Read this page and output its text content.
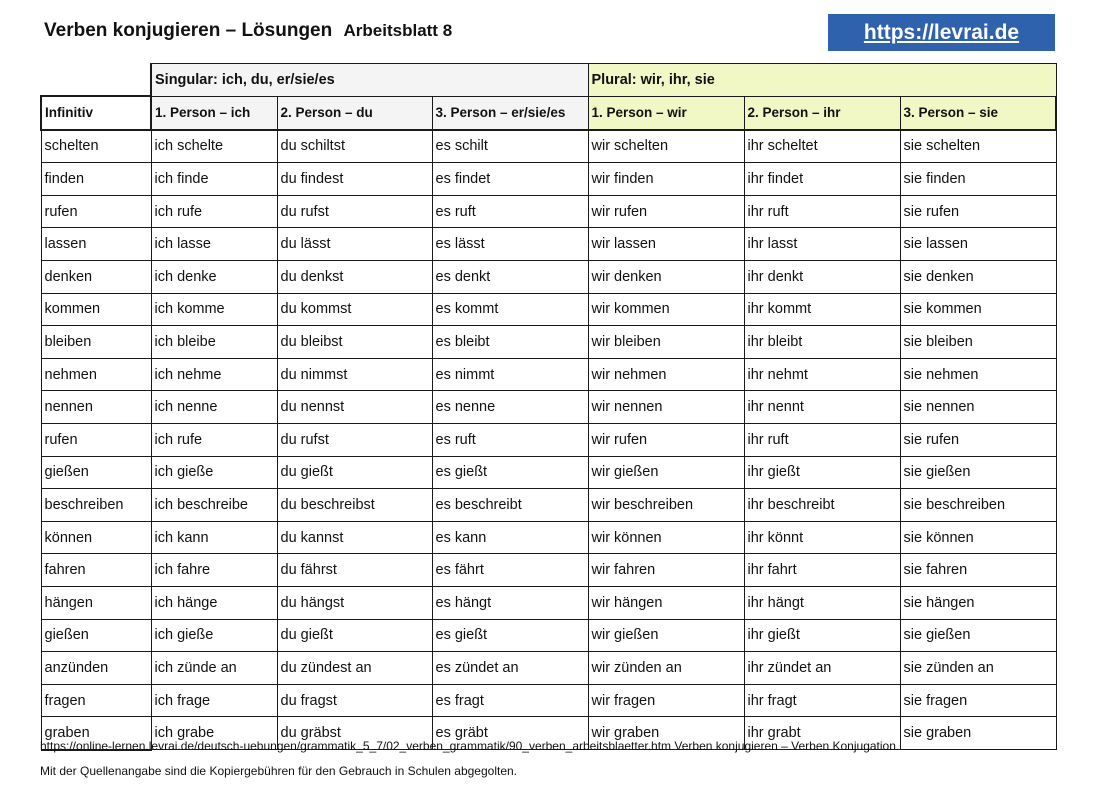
Verben konjugieren – Lösungen Arbeitsblatt 8	https://levrai.de
	Singular: ich, du, er/sie/es			Plural: wir, ihr, sie		
Infinitiv	1. Person – ich	2. Person – du	3. Person – er/sie/es	1. Person – wir	2. Person – ihr	3. Person – sie
schelten	ich schelte	du schiltst	es schilt	wir schelten	ihr scheltet	sie schelten
finden	ich finde	du findest	es findet	wir finden	ihr findet	sie finden
rufen	ich rufe	du rufst	es ruft	wir rufen	ihr ruft	sie rufen
lassen	ich lasse	du lässt	es lässt	wir lassen	ihr lasst	sie lassen
denken	ich denke	du denkst	es denkt	wir denken	ihr denkt	sie denken
kommen	ich komme	du kommst	es kommt	wir kommen	ihr kommt	sie kommen
bleiben	ich bleibe	du bleibst	es bleibt	wir bleiben	ihr bleibt	sie bleiben
nehmen	ich nehme	du nimmst	es nimmt	wir nehmen	ihr nehmt	sie nehmen
nennen	ich nenne	du nennst	es nenne	wir nennen	ihr nennt	sie nennen
rufen	ich rufe	du rufst	es ruft	wir rufen	ihr ruft	sie rufen
gießen	ich gieße	du gießt	es gießt	wir gießen	ihr gießt	sie gießen
beschreiben	ich beschreibe	du beschreibst	es beschreibt	wir beschreiben	ihr beschreibt	sie beschreiben
können	ich kann	du kannst	es kann	wir können	ihr könnt	sie können
fahren	ich fahre	du fährst	es fährt	wir fahren	ihr fahrt	sie fahren
hängen	ich hänge	du hängst	es hängt	wir hängen	ihr hängt	sie hängen
gießen	ich gieße	du gießt	es gießt	wir gießen	ihr gießt	sie gießen
anzünden	ich zünde an	du zündest an	es zündet an	wir zünden an	ihr zündet an	sie zünden an
fragen	ich frage	du fragst	es fragt	wir fragen	ihr fragt	sie fragen
graben	ich grabe	du gräbst	es gräbt	wir graben	ihr grabt	sie graben
https://online-lernen.levrai.de/deutsch-uebungen/grammatik_5_7/02_verben_grammatik/90_verben_arbeitsblaetter.htm Verben konjugieren – Verben Konjugation
Mit der Quellenangabe sind die Kopiergebühren für den Gebrauch in Schulen abgegolten.
